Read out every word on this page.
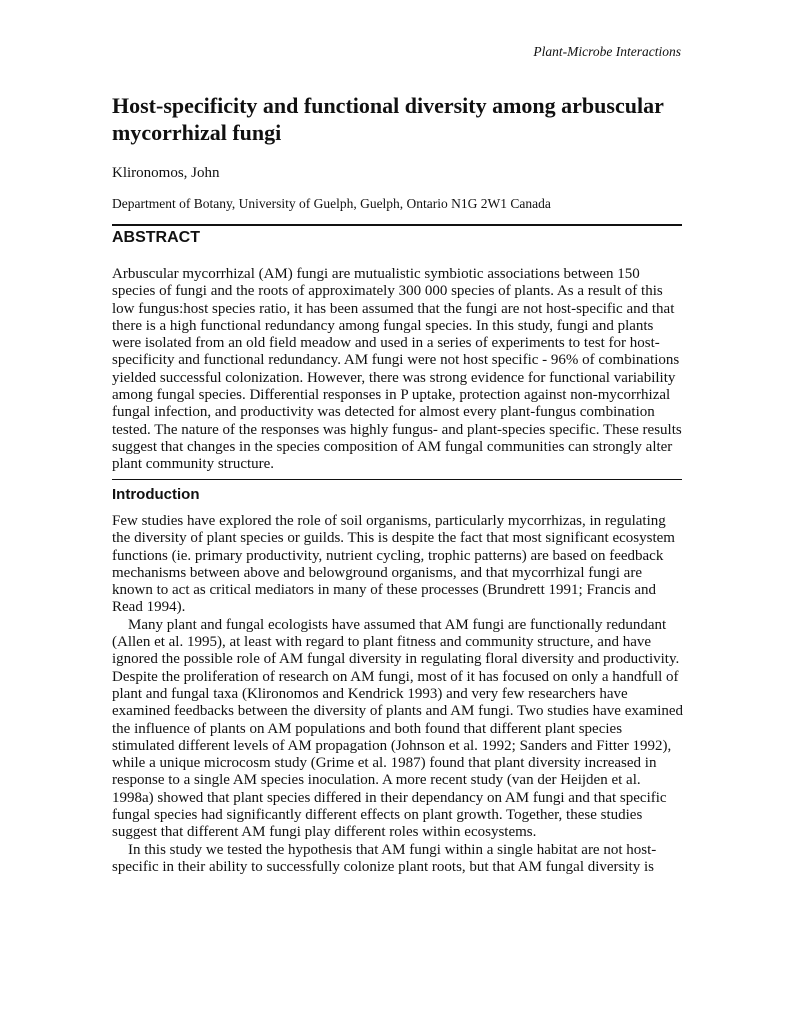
Plant-Microbe Interactions
Host-specificity and functional diversity among arbuscular mycorrhizal fungi
Klironomos, John
Department of Botany, University of Guelph, Guelph, Ontario N1G 2W1 Canada
ABSTRACT

Arbuscular mycorrhizal (AM) fungi are mutualistic symbiotic associations between 150 species of fungi and the roots of approximately 300 000 species of plants. As a result of this low fungus:host species ratio, it has been assumed that the fungi are not host-specific and that there is a high functional redundancy among fungal species. In this study, fungi and plants were isolated from an old field meadow and used in a series of experiments to test for host-specificity and functional redundancy. AM fungi were not host specific - 96% of combinations yielded successful colonization. However, there was strong evidence for functional variability among fungal species. Differential responses in P uptake, protection against non-mycorrhizal fungal infection, and productivity was detected for almost every plant-fungus combination tested. The nature of the responses was highly fungus- and plant-species specific. These results suggest that changes in the species composition of AM fungal communities can strongly alter plant community structure.

Introduction

Few studies have explored the role of soil organisms, particularly mycorrhizas, in regulating the diversity of plant species or guilds. This is despite the fact that most significant ecosystem functions (ie. primary productivity, nutrient cycling, trophic patterns) are based on feedback mechanisms between above and belowground organisms, and that mycorrhizal fungi are known to act as critical mediators in many of these processes (Brundrett 1991; Francis and Read 1994).

Many plant and fungal ecologists have assumed that AM fungi are functionally redundant (Allen et al. 1995), at least with regard to plant fitness and community structure, and have ignored the possible role of AM fungal diversity in regulating floral diversity and productivity. Despite the proliferation of research on AM fungi, most of it has focused on only a handfull of plant and fungal taxa (Klironomos and Kendrick 1993) and very few researchers have examined feedbacks between the diversity of plants and AM fungi. Two studies have examined the influence of plants on AM populations and both found that different plant species stimulated different levels of AM propagation (Johnson et al. 1992; Sanders and Fitter 1992), while a unique microcosm study (Grime et al. 1987) found that plant diversity increased in response to a single AM species inoculation. A more recent study (van der Heijden et al. 1998a) showed that plant species differed in their dependancy on AM fungi and that specific fungal species had significantly different effects on plant growth. Together, these studies suggest that different AM fungi play different roles within ecosystems.

In this study we tested the hypothesis that AM fungi within a single habitat are not host-specific in their ability to successfully colonize plant roots, but that AM fungal diversity is
